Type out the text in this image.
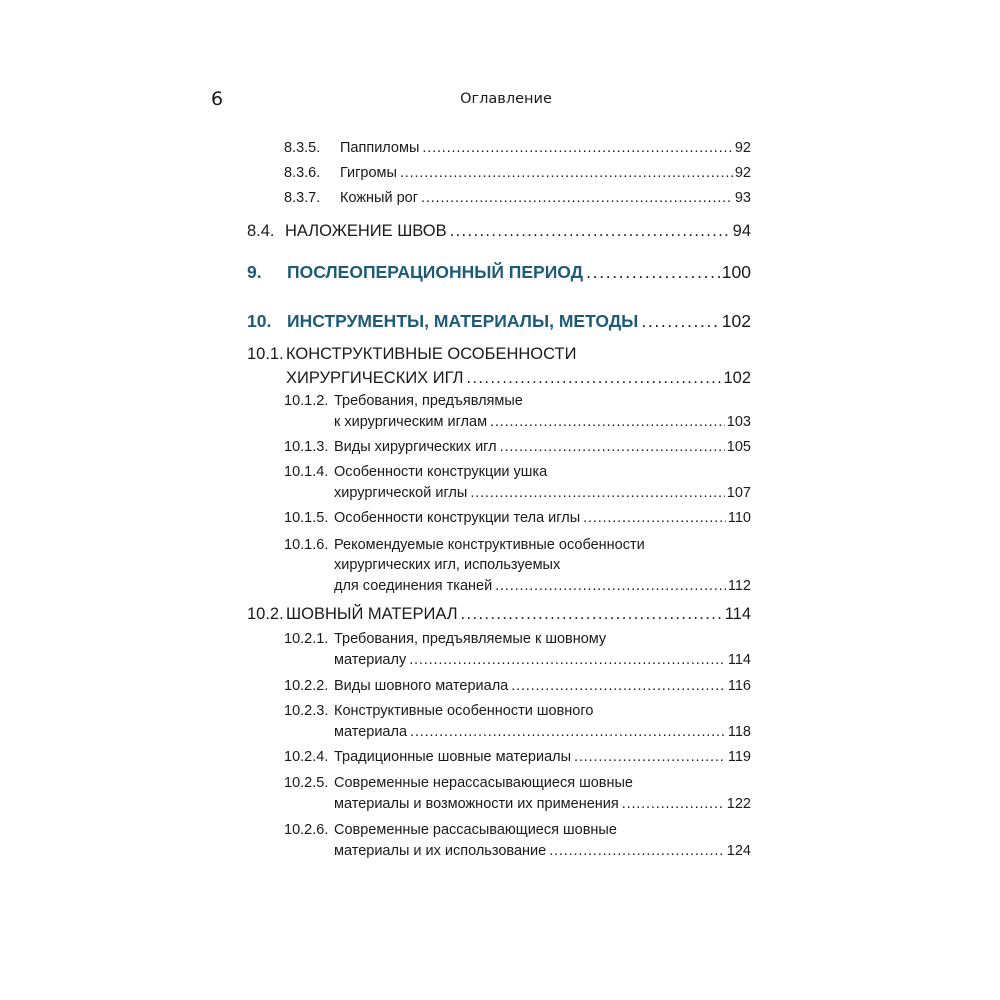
6	Оглавление
8.3.5. Паппиломы . . .	92
8.3.6. Гигромы . . .	92
8.3.7. Кожный рог . . .	93
8.4. НАЛОЖЕНИЕ ШВОВ . . .	94
9. ПОСЛЕОПЕРАЦИОННЫЙ ПЕРИОД . . .	100
10. ИНСТРУМЕНТЫ, МАТЕРИАЛЫ, МЕТОДЫ . . .	102
10.1. КОНСТРУКТИВНЫЕ ОСОБЕННОСТИ
ХИРУРГИЧЕСКИХ ИГЛ . . .	102
10.1.2. Требования, предъявлямые
к хирургическим иглам . . .	103
10.1.3. Виды хирургических игл . . .	105
10.1.4. Особенности конструкции ушка
хирургической иглы . . .	107
10.1.5. Особенности конструкции тела иглы . . .	110
10.1.6. Рекомендуемые конструктивные особенности
хирургических игл, используемых
для соединения тканей . . .	112
10.2. ШОВНЫЙ МАТЕРИАЛ . . .	114
10.2.1. Требования, предъявляемые к шовному
материалу . . .	114
10.2.2. Виды шовного материала . . .	116
10.2.3. Конструктивные особенности шовного
материала . . .	118
10.2.4. Традиционные шовные материалы . . .	119
10.2.5. Современные нерассасывающиеся шовные
материалы и возможности их применения . . .	122
10.2.6. Современные рассасывающиеся шовные
материалы и их использование . . .	124
